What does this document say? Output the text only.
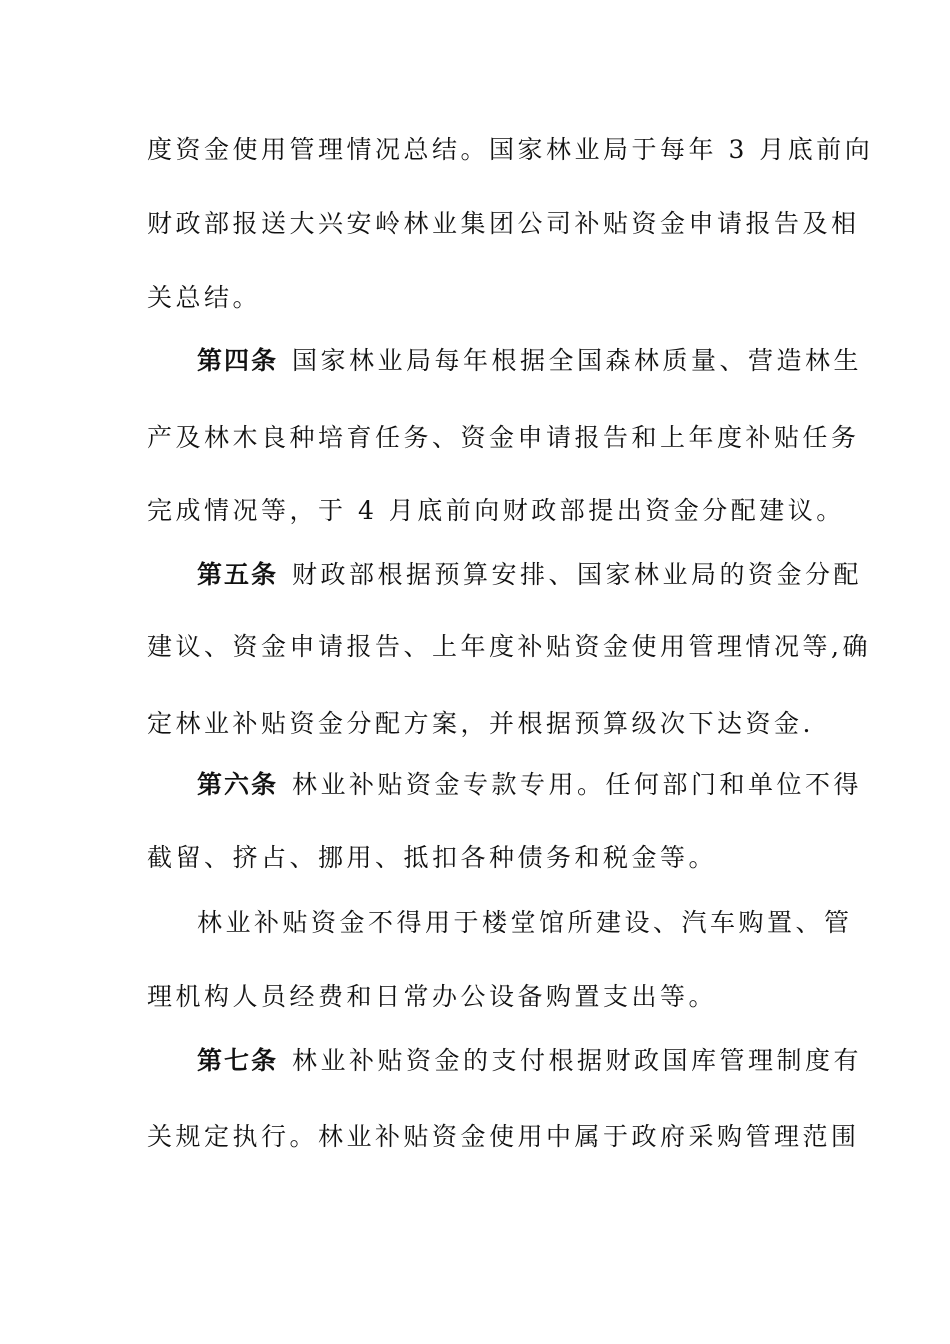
度资金使用管理情况总结。国家林业局于每年 3 月底前向
财政部报送大兴安岭林业集团公司补贴资金申请报告及相
关总结。
第四条 国家林业局每年根据全国森林质量、营造林生
产及林木良种培育任务、资金申请报告和上年度补贴任务
完成情况等，于 4 月底前向财政部提出资金分配建议。
第五条 财政部根据预算安排、国家林业局的资金分配
建议、资金申请报告、上年度补贴资金使用管理情况等,确
定林业补贴资金分配方案，并根据预算级次下达资金.
第六条 林业补贴资金专款专用。任何部门和单位不得
截留、挤占、挪用、抵扣各种债务和税金等。
林业补贴资金不得用于楼堂馆所建设、汽车购置、管
理机构人员经费和日常办公设备购置支出等。
第七条 林业补贴资金的支付根据财政国库管理制度有
关规定执行。林业补贴资金使用中属于政府采购管理范围
